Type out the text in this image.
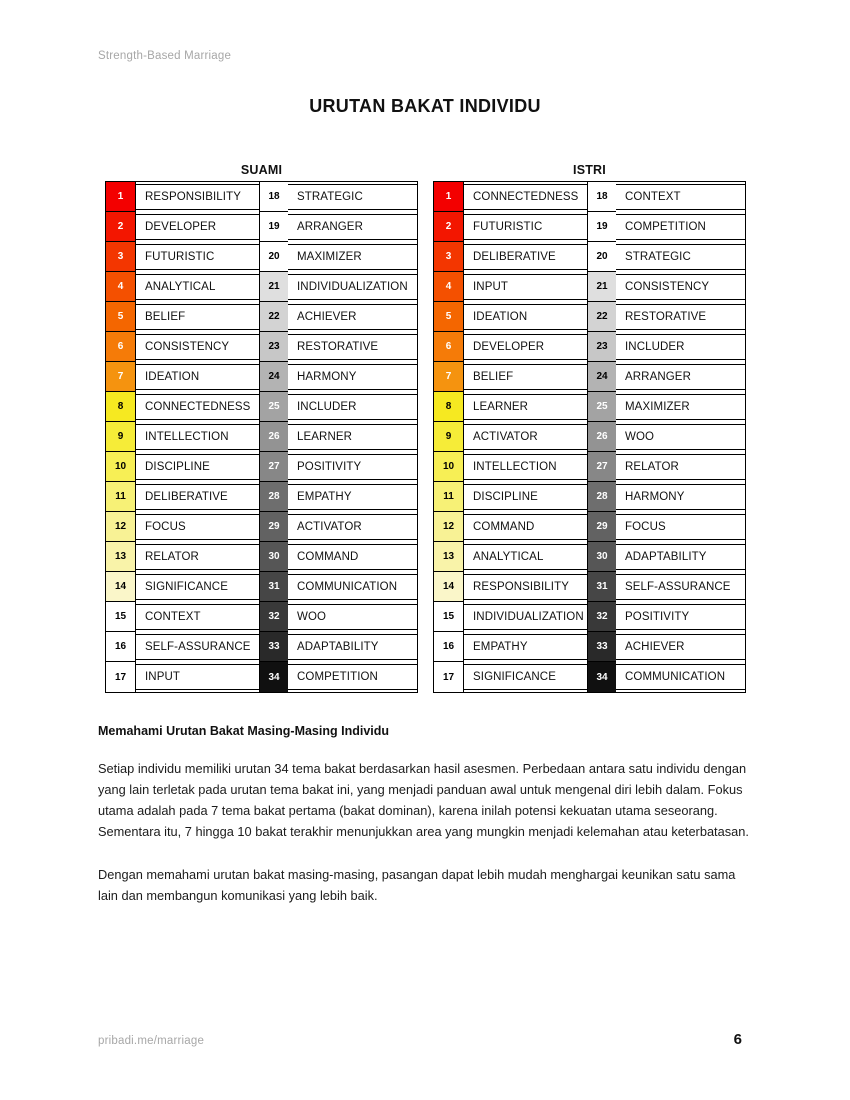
Strength-Based Marriage
URUTAN BAKAT INDIVIDU
SUAMI
1	RESPONSIBILITY	18	STRATEGIC
2	DEVELOPER	19	ARRANGER
3	FUTURISTIC	20	MAXIMIZER
4	ANALYTICAL	21	INDIVIDUALIZATION
5	BELIEF	22	ACHIEVER
6	CONSISTENCY	23	RESTORATIVE
7	IDEATION	24	HARMONY
8	CONNECTEDNESS	25	INCLUDER
9	INTELLECTION	26	LEARNER
10	DISCIPLINE	27	POSITIVITY
11	DELIBERATIVE	28	EMPATHY
12	FOCUS	29	ACTIVATOR
13	RELATOR	30	COMMAND
14	SIGNIFICANCE	31	COMMUNICATION
15	CONTEXT	32	WOO
16	SELF-ASSURANCE	33	ADAPTABILITY
17	INPUT	34	COMPETITION
ISTRI
1	CONNECTEDNESS	18	CONTEXT
2	FUTURISTIC	19	COMPETITION
3	DELIBERATIVE	20	STRATEGIC
4	INPUT	21	CONSISTENCY
5	IDEATION	22	RESTORATIVE
6	DEVELOPER	23	INCLUDER
7	BELIEF	24	ARRANGER
8	LEARNER	25	MAXIMIZER
9	ACTIVATOR	26	WOO
10	INTELLECTION	27	RELATOR
11	DISCIPLINE	28	HARMONY
12	COMMAND	29	FOCUS
13	ANALYTICAL	30	ADAPTABILITY
14	RESPONSIBILITY	31	SELF-ASSURANCE
15	INDIVIDUALIZATION	32	POSITIVITY
16	EMPATHY	33	ACHIEVER
17	SIGNIFICANCE	34	COMMUNICATION

Memahami Urutan Bakat Masing-Masing Individu

Setiap individu memiliki urutan 34 tema bakat berdasarkan hasil asesmen. Perbedaan antara satu individu dengan yang lain terletak pada urutan tema bakat ini, yang menjadi panduan awal untuk mengenal diri lebih dalam. Fokus utama adalah pada 7 tema bakat pertama (bakat dominan), karena inilah potensi kekuatan utama seseorang. Sementara itu, 7 hingga 10 bakat terakhir menunjukkan area yang mungkin menjadi kelemahan atau keterbatasan.

Dengan memahami urutan bakat masing-masing, pasangan dapat lebih mudah menghargai keunikan satu sama lain dan membangun komunikasi yang lebih baik.

pribadi.me/marriage	6
